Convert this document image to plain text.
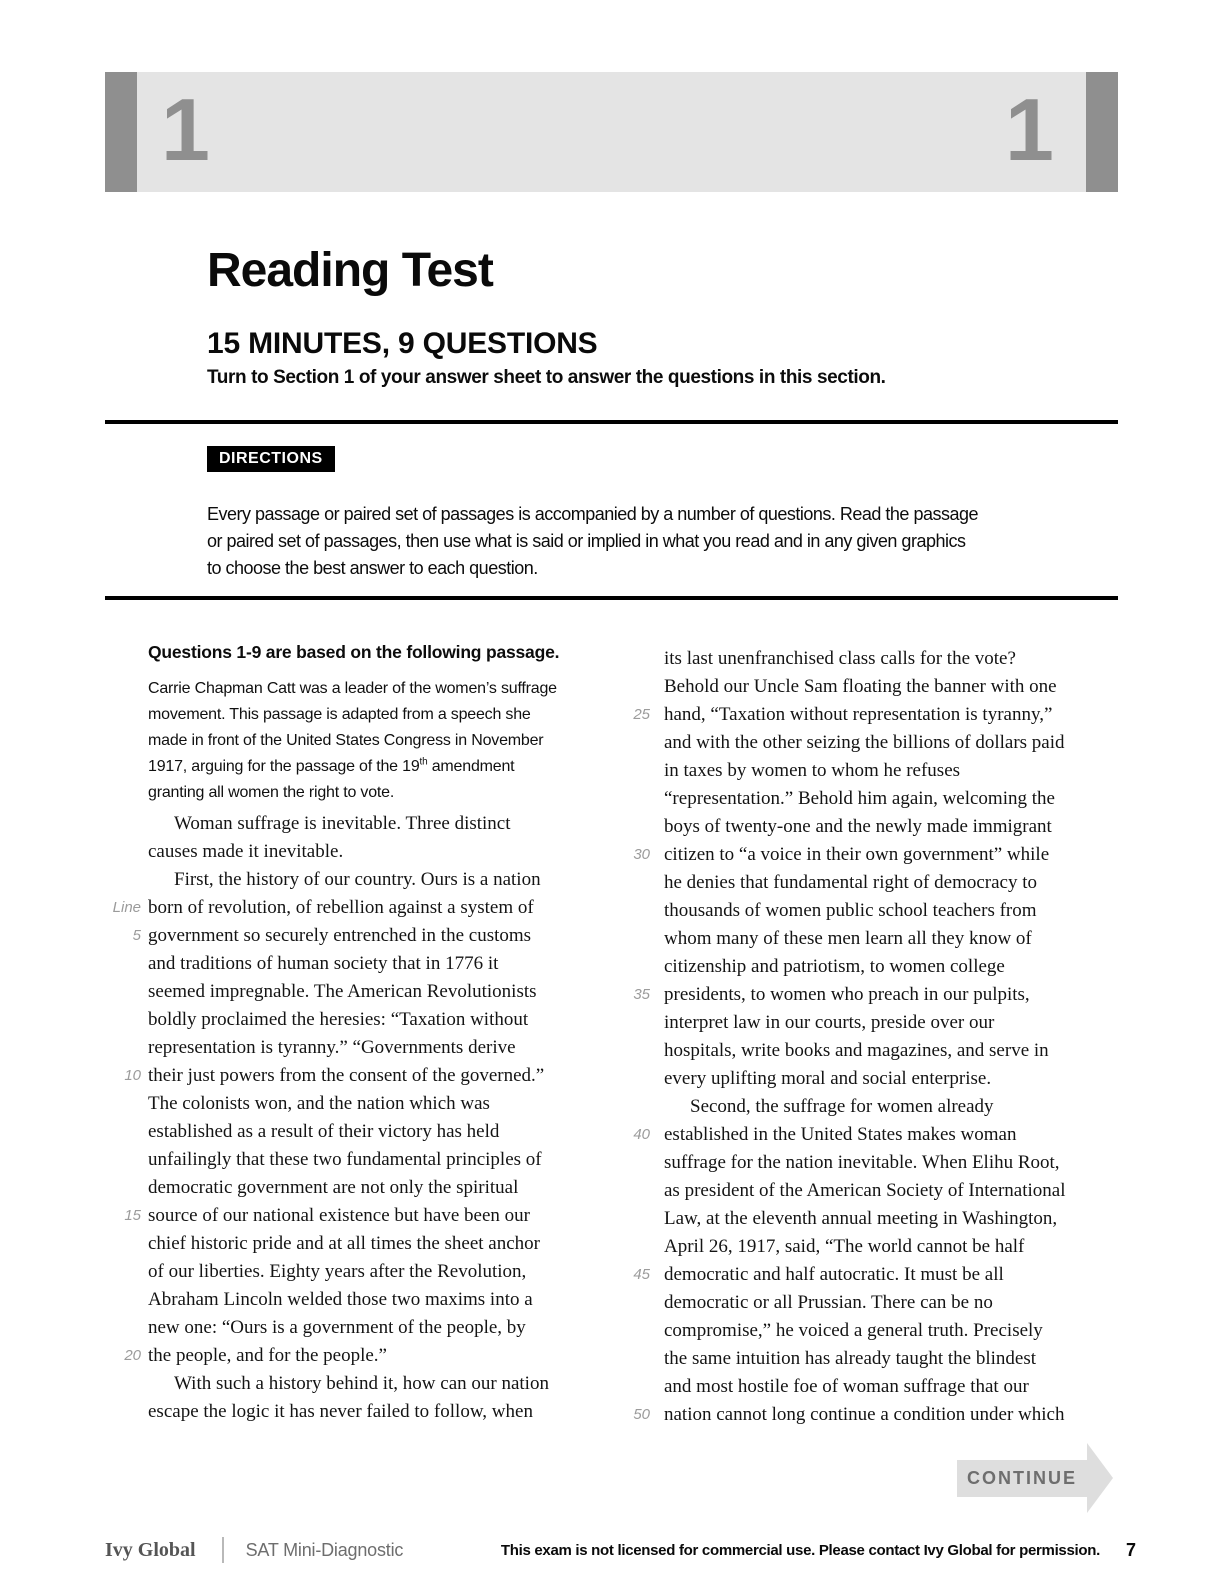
1	1
Reading Test
15 MINUTES, 9 QUESTIONS
Turn to Section 1 of your answer sheet to answer the questions in this section.
DIRECTIONS
Every passage or paired set of passages is accompanied by a number of questions. Read the passage
or paired set of passages, then use what is said or implied in what you read and in any given graphics
to choose the best answer to each question.
Questions 1-9 are based on the following passage.
Carrie Chapman Catt was a leader of the women’s suffrage
movement. This passage is adapted from a speech she
made in front of the United States Congress in November
1917, arguing for the passage of the 19th amendment
granting all women the right to vote.
Woman suffrage is inevitable. Three distinct
causes made it inevitable.
First, the history of our country. Ours is a nation
Line born of revolution, of rebellion against a system of
5 government so securely entrenched in the customs
and traditions of human society that in 1776 it
seemed impregnable. The American Revolutionists
boldly proclaimed the heresies: “Taxation without
representation is tyranny.” “Governments derive
10 their just powers from the consent of the governed.”
The colonists won, and the nation which was
established as a result of their victory has held
unfailingly that these two fundamental principles of
democratic government are not only the spiritual
15 source of our national existence but have been our
chief historic pride and at all times the sheet anchor
of our liberties. Eighty years after the Revolution,
Abraham Lincoln welded those two maxims into a
new one: “Ours is a government of the people, by
20 the people, and for the people.”
With such a history behind it, how can our nation
escape the logic it has never failed to follow, when
its last unenfranchised class calls for the vote?
Behold our Uncle Sam floating the banner with one
25 hand, “Taxation without representation is tyranny,”
and with the other seizing the billions of dollars paid
in taxes by women to whom he refuses
“representation.” Behold him again, welcoming the
boys of twenty-one and the newly made immigrant
30 citizen to “a voice in their own government” while
he denies that fundamental right of democracy to
thousands of women public school teachers from
whom many of these men learn all they know of
citizenship and patriotism, to women college
35 presidents, to women who preach in our pulpits,
interpret law in our courts, preside over our
hospitals, write books and magazines, and serve in
every uplifting moral and social enterprise.
Second, the suffrage for women already
40 established in the United States makes woman
suffrage for the nation inevitable. When Elihu Root,
as president of the American Society of International
Law, at the eleventh annual meeting in Washington,
April 26, 1917, said, “The world cannot be half
45 democratic and half autocratic. It must be all
democratic or all Prussian. There can be no
compromise,” he voiced a general truth. Precisely
the same intuition has already taught the blindest
and most hostile foe of woman suffrage that our
50 nation cannot long continue a condition under which
CONTINUE
Ivy Global	SAT Mini-Diagnostic	This exam is not licensed for commercial use. Please contact Ivy Global for permission. 7
